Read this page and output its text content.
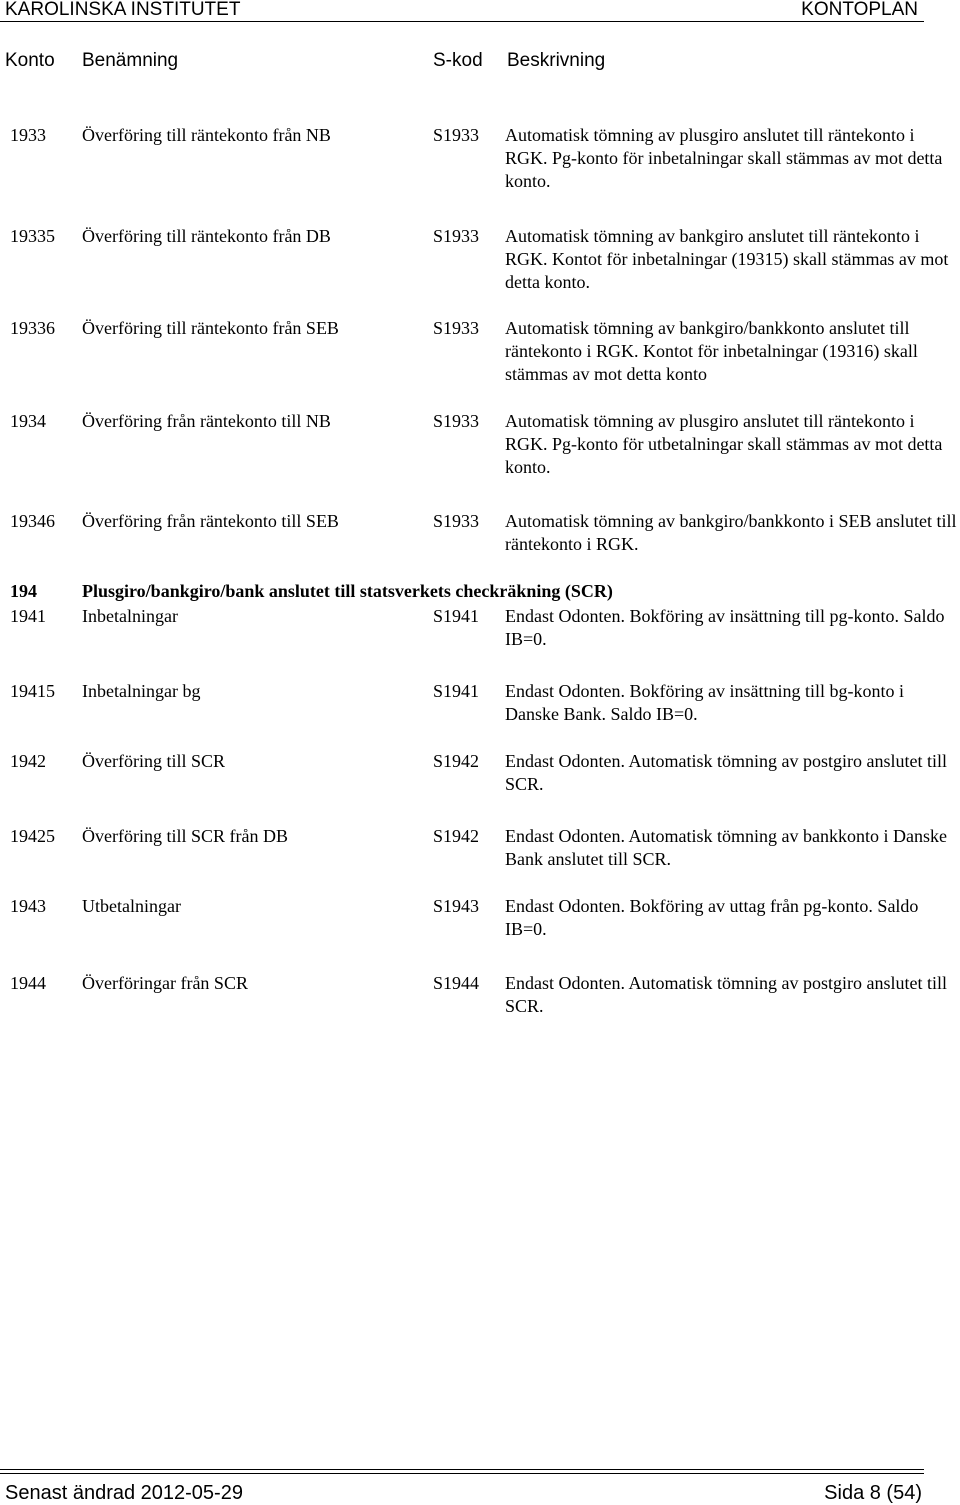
KAROLINSKA INSTITUTET	KONTOPLAN
Konto Benämning	S-kod Beskrivning
1933 Överföring till räntekonto från NB	S1933 Automatisk tömning av plusgiro anslutet till räntekonto i RGK. Pg-konto för inbetalningar skall stämmas av mot detta konto.
19335 Överföring till räntekonto från DB	S1933 Automatisk tömning av bankgiro anslutet till räntekonto i RGK. Kontot för inbetalningar (19315) skall stämmas av mot detta konto.
19336 Överföring till räntekonto från SEB	S1933 Automatisk tömning av bankgiro/bankkonto anslutet till räntekonto i RGK. Kontot för inbetalningar (19316) skall stämmas av mot detta konto
1934 Överföring från räntekonto till NB	S1933 Automatisk tömning av plusgiro anslutet till räntekonto i RGK. Pg-konto för utbetalningar skall stämmas av mot detta konto.
19346 Överföring från räntekonto till SEB	S1933 Automatisk tömning av bankgiro/bankkonto i SEB anslutet till räntekonto i RGK.
194	Plusgiro/bankgiro/bank anslutet till statsverkets checkräkning (SCR)
1941 Inbetalningar	S1941 Endast Odonten. Bokföring av insättning till pg-konto. Saldo IB=0.
19415 Inbetalningar bg	S1941 Endast Odonten. Bokföring av insättning till bg-konto i Danske Bank. Saldo IB=0.
1942 Överföring till SCR	S1942 Endast Odonten. Automatisk tömning av postgiro anslutet till SCR.
19425 Överföring till SCR från DB	S1942 Endast Odonten. Automatisk tömning av bankkonto i Danske Bank anslutet till SCR.
1943 Utbetalningar	S1943 Endast Odonten. Bokföring av uttag från pg-konto. Saldo IB=0.
1944 Överföringar från SCR	S1944 Endast Odonten. Automatisk tömning av postgiro anslutet till SCR.
Senast ändrad 2012-05-29	Sida 8 (54)
